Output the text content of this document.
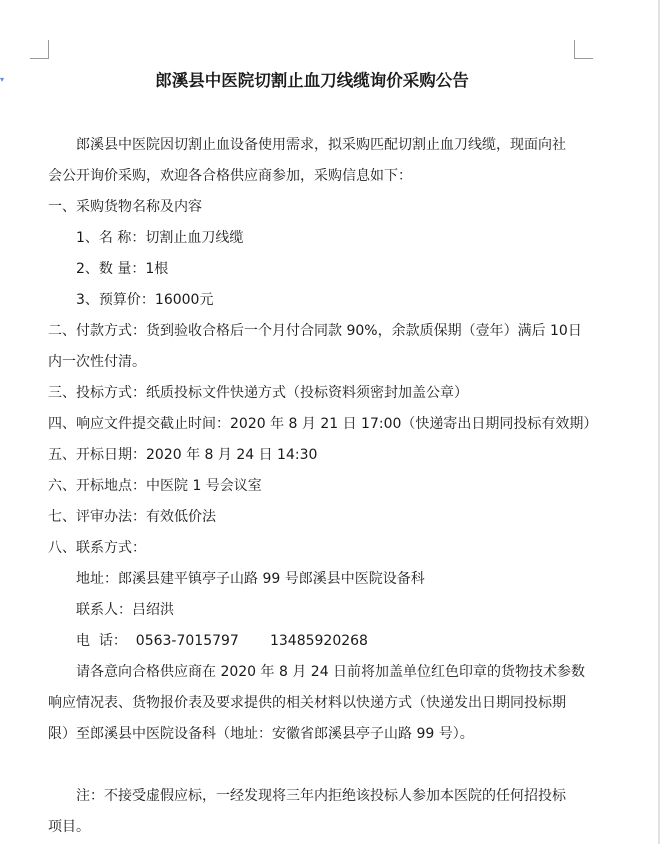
▾	郎溪县中医院切割止血刀线缆询价采购公告
郎溪县中医院因切割止血设备使用需求，拟采购匹配切割止血刀线缆，现面向社
会公开询价采购，欢迎各合格供应商参加，采购信息如下：
一、采购货物名称及内容
1、名 称：切割止血刀线缆
2、数 量：1根
3、预算价：16000元
二、付款方式：货到验收合格后一个月付合同款 90%，余款质保期（壹年）满后 10日
内一次性付清。
三、投标方式：纸质投标文件快递方式（投标资料须密封加盖公章）
四、响应文件提交截止时间：2020 年 8 月 21 日 17:00（快递寄出日期同投标有效期）
五、开标日期：2020 年 8 月 24 日 14:30
六、开标地点：中医院 1 号会议室
七、评审办法：有效低价法
八、联系方式：
地址：郎溪县建平镇亭子山路 99 号郎溪县中医院设备科
联系人：吕绍洪
电  话：  0563-7015797       13485920268
请各意向合格供应商在 2020 年 8 月 24 日前将加盖单位红色印章的货物技术参数
响应情况表、货物报价表及要求提供的相关材料以快递方式（快递发出日期同投标期
限）至郎溪县中医院设备科（地址：安徽省郎溪县亭子山路 99 号）。
注：不接受虚假应标，一经发现将三年内拒绝该投标人参加本医院的任何招投标
项目。
